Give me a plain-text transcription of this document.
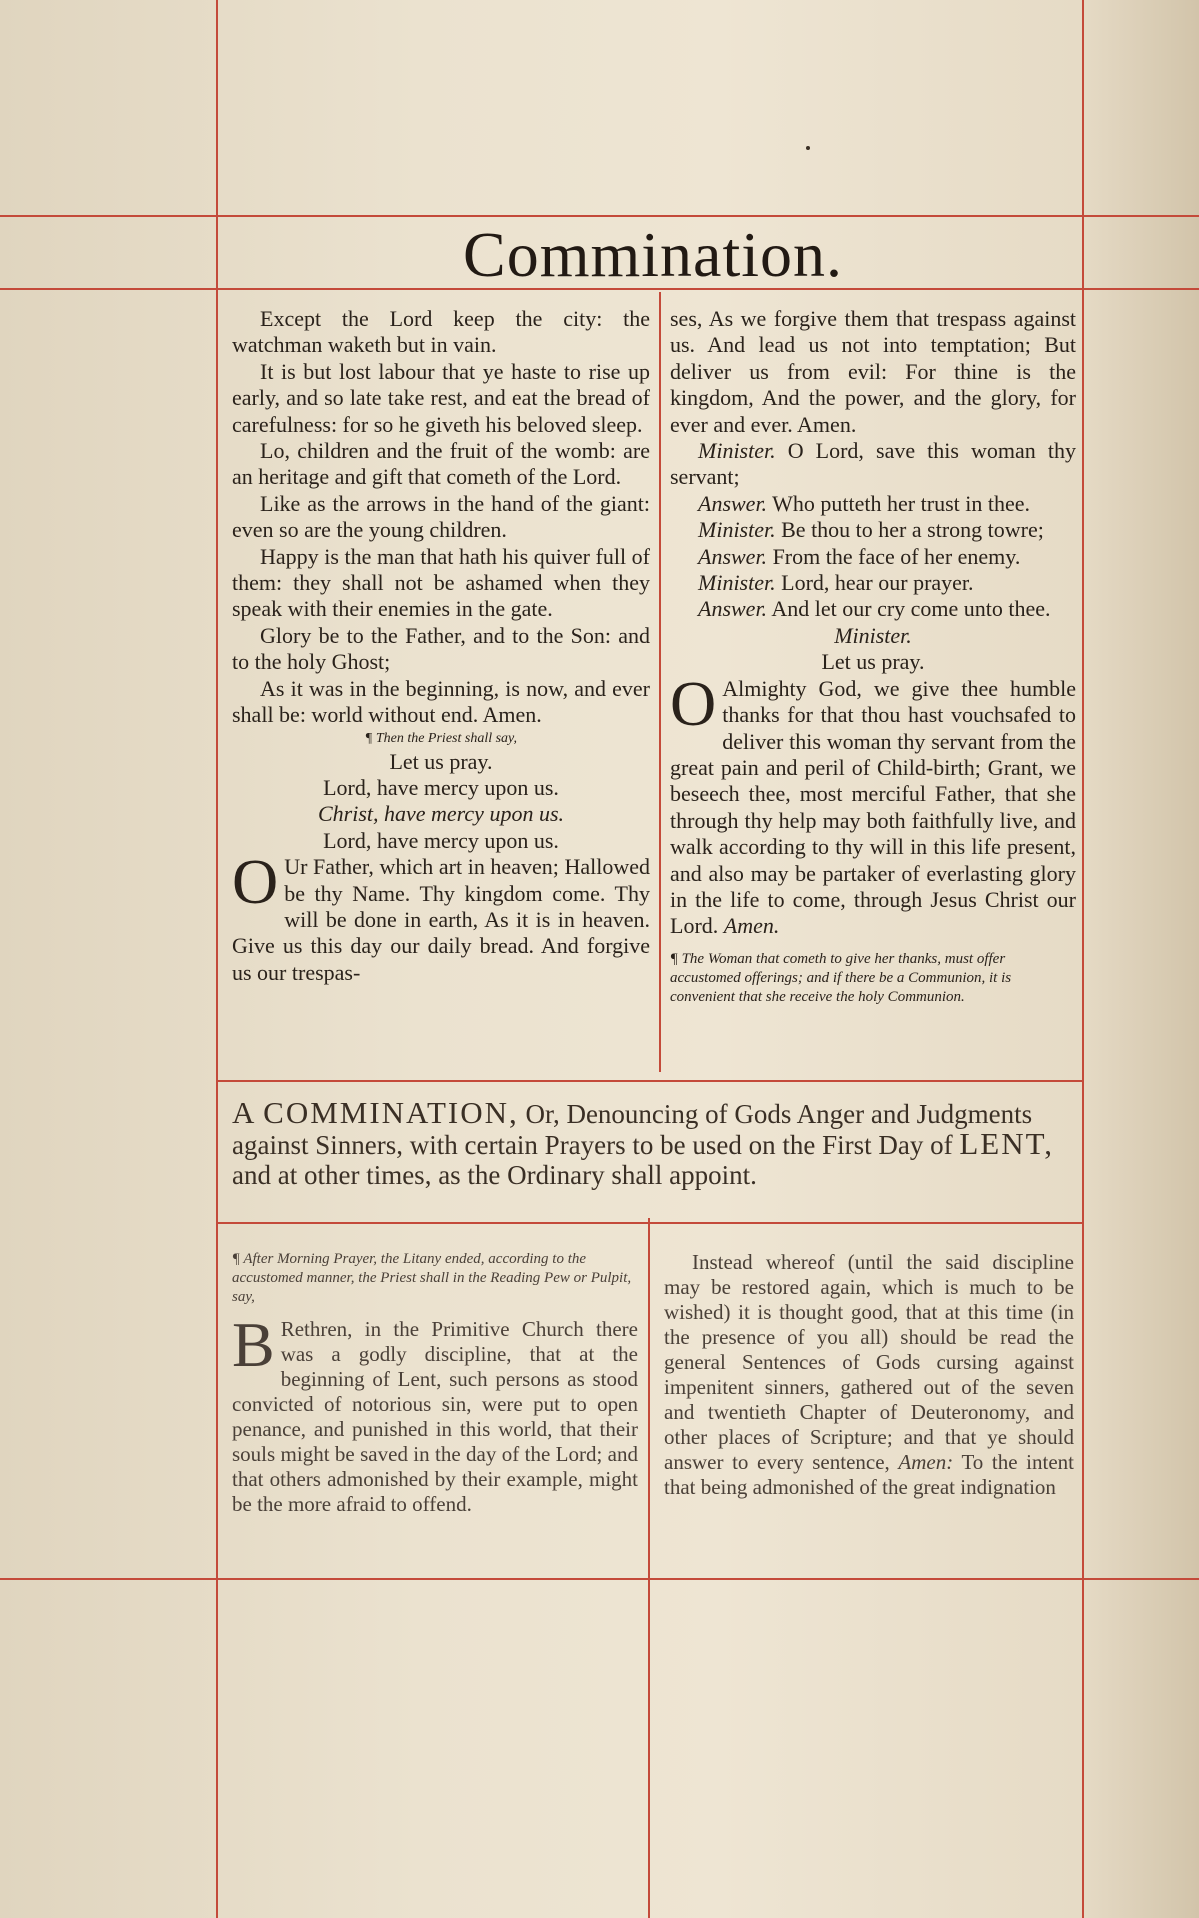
Commination.

Except the Lord keep the city: the watchman waketh but in vain.

It is but lost labour that ye haste to rise up early, and so late take rest, and eat the bread of carefulness: for so he giveth his beloved sleep.

Lo, children and the fruit of the womb: are an heritage and gift that cometh of the Lord.

Like as the arrows in the hand of the giant: even so are the young children.

Happy is the man that hath his quiver full of them: they shall not be ashamed when they speak with their enemies in the gate.

Glory be to the Father, and to the Son: and to the holy Ghost;

As it was in the beginning, is now, and ever shall be: world without end. Amen.

¶ Then the Priest shall say,

Let us pray.

Lord, have mercy upon us.

Christ, have mercy upon us.

Lord, have mercy upon us.

O Ur Father, which art in heaven; Hallowed be thy Name. Thy kingdom come. Thy will be done in earth, As it is in heaven. Give us this day our daily bread. And forgive us our trespas-

ses, As we forgive them that trespass against us. And lead us not into temptation; But deliver us from evil: For thine is the kingdom, And the power, and the glory, for ever and ever. Amen.

Minister. O Lord, save this woman thy servant;

Answer. Who putteth her trust in thee.

Minister. Be thou to her a strong towre;

Answer. From the face of her enemy.

Minister. Lord, hear our prayer.

Answer. And let our cry come unto thee.

Minister.

Let us pray.

O Almighty God, we give thee humble thanks for that thou hast vouchsafed to deliver this woman thy servant from the great pain and peril of Child-birth; Grant, we beseech thee, most merciful Father, that she through thy help may both faithfully live, and walk according to thy will in this life present, and also may be partaker of everlasting glory in the life to come, through Jesus Christ our Lord. Amen.

¶ The Woman that cometh to give her thanks, must offer accustomed offerings; and if there be a Communion, it is convenient that she receive the holy Communion.

A COMMINATION, Or, Denouncing of Gods Anger and Judgments against Sinners, with certain Prayers to be used on the First Day of LENT, and at other times, as the Ordinary shall appoint.

¶ After Morning Prayer, the Litany ended, according to the accustomed manner, the Priest shall in the Reading Pew or Pulpit, say,

B Rethren, in the Primitive Church there was a godly discipline, that at the beginning of Lent, such persons as stood convicted of notorious sin, were put to open penance, and punished in this world, that their souls might be saved in the day of the Lord; and that others admonished by their example, might be the more afraid to offend.

Instead whereof (until the said discipline may be restored again, which is much to be wished) it is thought good, that at this time (in the presence of you all) should be read the general Sentences of Gods cursing against impenitent sinners, gathered out of the seven and twentieth Chapter of Deuteronomy, and other places of Scripture; and that ye should answer to every sentence, Amen: To the intent that being admonished of the great indignation
